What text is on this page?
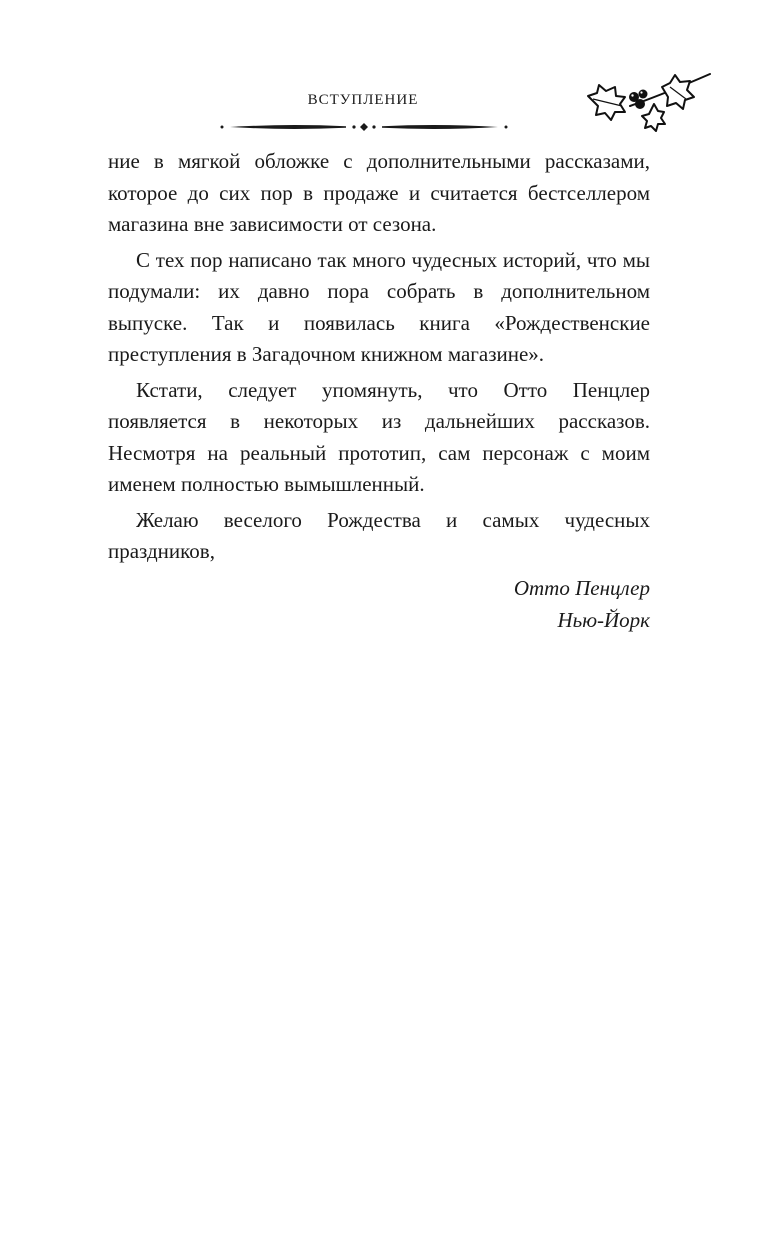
ВСТУПЛЕНИЕ

ние в мягкой обложке с дополнительными рассказами, которое до сих пор в продаже и считается бестселлером магазина вне зависимости от сезона.

С тех пор написано так много чудесных историй, что мы подумали: их давно пора собрать в дополнительном выпуске. Так и появилась книга «Рождественские преступления в Загадочном книжном магазине».

Кстати, следует упомянуть, что Отто Пенцлер появляется в некоторых из дальнейших рассказов. Несмотря на реальный прототип, сам персонаж с моим именем полностью вымышленный.

Желаю веселого Рождества и самых чудесных праздников,

Отто Пенцлер
Нью-Йорк
